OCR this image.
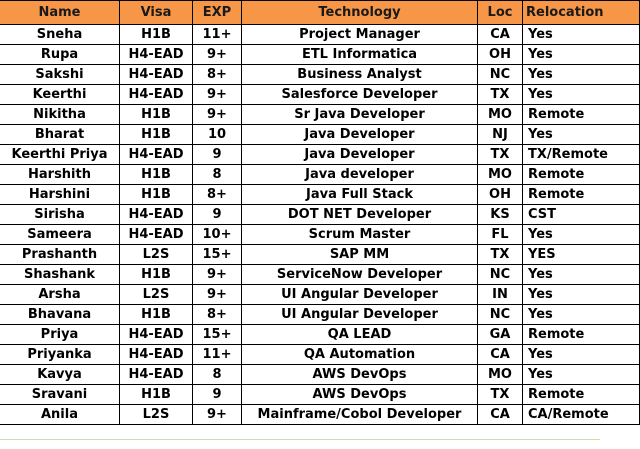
Name	Visa	EXP	Technology	Loc	Relocation
Sneha	H1B	11+	Project Manager	CA	Yes
Rupa	H4-EAD	9+	ETL Informatica	OH	Yes
Sakshi	H4-EAD	8+	Business Analyst	NC	Yes
Keerthi	H4-EAD	9+	Salesforce Developer	TX	Yes
Nikitha	H1B	9+	Sr Java Developer	MO	Remote
Bharat	H1B	10	Java Developer	NJ	Yes
Keerthi Priya	H4-EAD	9	Java Developer	TX	TX/Remote
Harshith	H1B	8	Java developer	MO	Remote
Harshini	H1B	8+	Java Full Stack	OH	Remote
Sirisha	H4-EAD	9	DOT NET Developer	KS	CST
Sameera	H4-EAD	10+	Scrum Master	FL	Yes
Prashanth	L2S	15+	SAP MM	TX	YES
Shashank	H1B	9+	ServiceNow Developer	NC	Yes
Arsha	L2S	9+	UI Angular Developer	IN	Yes
Bhavana	H1B	8+	UI Angular Developer	NC	Yes
Priya	H4-EAD	15+	QA LEAD	GA	Remote
Priyanka	H4-EAD	11+	QA Automation	CA	Yes
Kavya	H4-EAD	8	AWS DevOps	MO	Yes
Sravani	H1B	9	AWS DevOps	TX	Remote
Anila	L2S	9+	Mainframe/Cobol Developer	CA	CA/Remote
